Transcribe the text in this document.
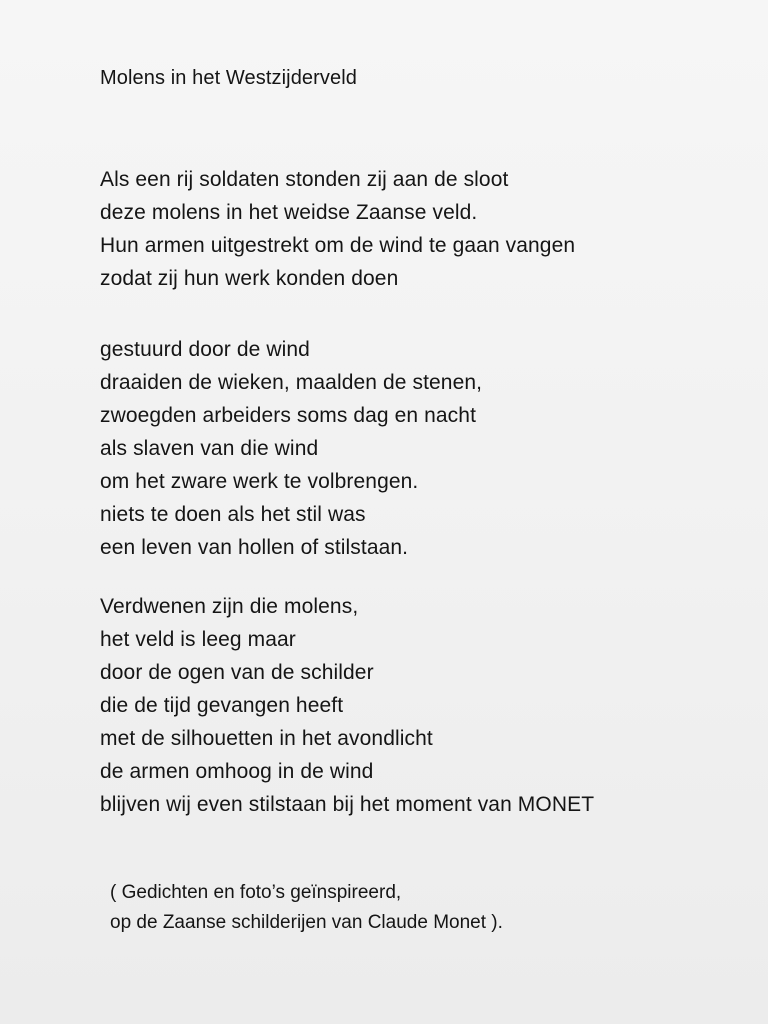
Molens in het Westzijderveld
Als een rij soldaten stonden zij aan de sloot
deze molens in het weidse Zaanse veld.
Hun armen uitgestrekt om de wind te gaan vangen
zodat zij hun werk konden doen
gestuurd door de wind
draaiden de wieken, maalden de stenen,
zwoegden arbeiders soms dag en nacht
als slaven van die wind
om het zware werk te volbrengen.
niets te doen als het stil was
een leven van hollen of stilstaan.
Verdwenen zijn die molens,
het veld is leeg maar
door de ogen van de schilder
die de tijd gevangen heeft
met de silhouetten in het avondlicht
de armen omhoog in de wind
blijven wij even stilstaan bij het moment van MONET
( Gedichten en foto’s geïnspireerd,
op de Zaanse schilderijen van Claude Monet ).
